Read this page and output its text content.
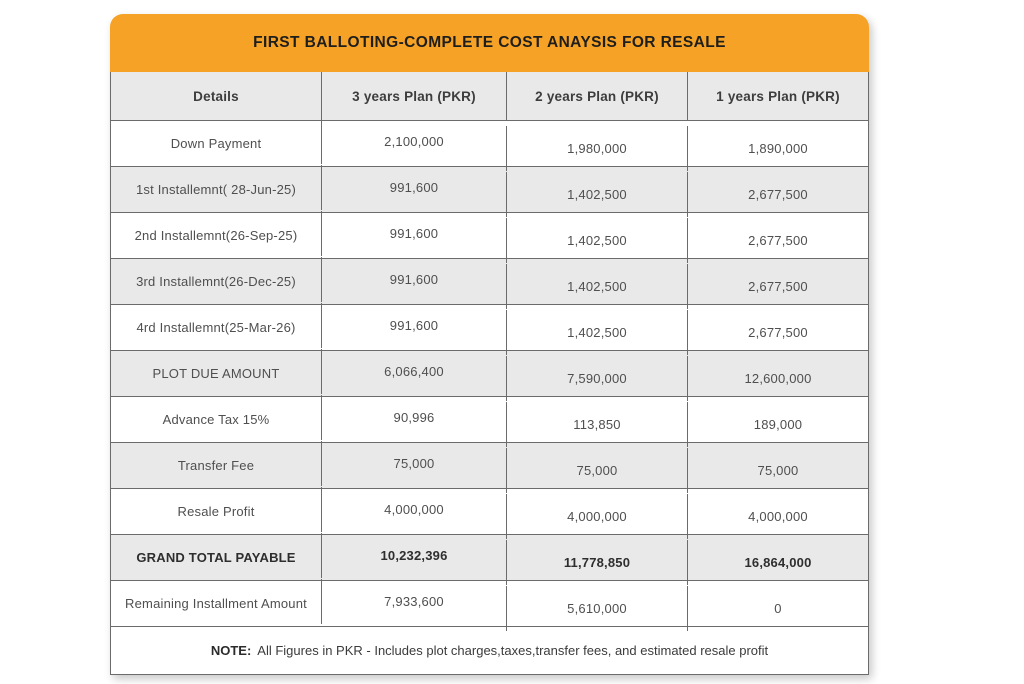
FIRST BALLOTING-COMPLETE COST ANAYSIS FOR RESALE
Details	3 years Plan (PKR)	2 years Plan (PKR)	1 years Plan (PKR)
Down Payment	2,100,000	1,980,000	1,890,000
1st Installemnt( 28-Jun-25)	991,600	1,402,500	2,677,500
2nd Installemnt(26-Sep-25)	991,600	1,402,500	2,677,500
3rd Installemnt(26-Dec-25)	991,600	1,402,500	2,677,500
4rd Installemnt(25-Mar-26)	991,600	1,402,500	2,677,500
PLOT DUE AMOUNT	6,066,400	7,590,000	12,600,000
Advance Tax 15%	90,996	113,850	189,000
Transfer Fee	75,000	75,000	75,000
Resale Profit	4,000,000	4,000,000	4,000,000
GRAND TOTAL PAYABLE	10,232,396	11,778,850	16,864,000
Remaining Installment Amount	7,933,600	5,610,000	0
NOTE: All Figures in PKR - Includes plot charges,taxes,transfer fees, and estimated resale profit
